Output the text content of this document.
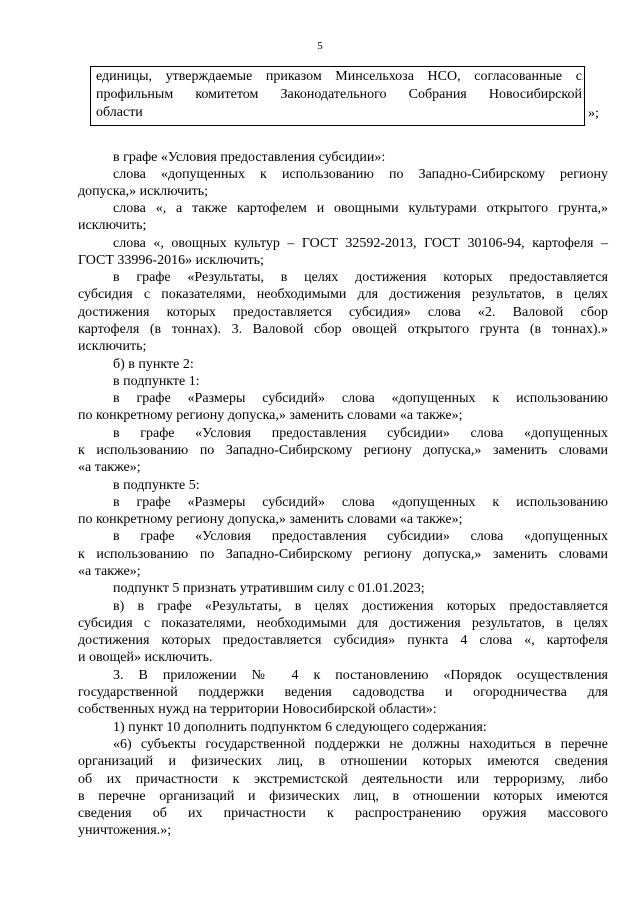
5
единицы, утверждаемые приказом Минсельхоза НСО, согласованные с
профильным комитетом Законодательного Собрания Новосибирской
области	»;
в графе «Условия предоставления субсидии»:
слова «допущенных к использованию по Западно-Сибирскому региону
допуска,» исключить;
слова «, а также картофелем и овощными культурами открытого грунта,»
исключить;
слова «, овощных культур – ГОСТ 32592-2013, ГОСТ 30106-94, картофеля –
ГОСТ 33996-2016» исключить;
в графе «Результаты, в целях достижения которых предоставляется
субсидия с показателями, необходимыми для достижения результатов, в целях
достижения которых предоставляется субсидия» слова «2. Валовой сбор
картофеля (в тоннах). 3. Валовой сбор овощей открытого грунта (в тоннах).»
исключить;
б) в пункте 2:
в подпункте 1:
в графе «Размеры субсидий» слова «допущенных к использованию
по конкретному региону допуска,» заменить словами «а также»;
в графе «Условия предоставления субсидии» слова «допущенных
к использованию по Западно-Сибирскому региону допуска,» заменить словами
«а также»;
в подпункте 5:
в графе «Размеры субсидий» слова «допущенных к использованию
по конкретному региону допуска,» заменить словами «а также»;
в графе «Условия предоставления субсидии» слова «допущенных
к использованию по Западно-Сибирскому региону допуска,» заменить словами
«а также»;
подпункт 5 признать утратившим силу с 01.01.2023;
в) в графе «Результаты, в целях достижения которых предоставляется
субсидия с показателями, необходимыми для достижения результатов, в целях
достижения которых предоставляется субсидия» пункта 4 слова «, картофеля
и овощей» исключить.
3. В приложении № 4 к постановлению «Порядок осуществления
государственной поддержки ведения садоводства и огородничества для
собственных нужд на территории Новосибирской области»:
1) пункт 10 дополнить подпунктом 6 следующего содержания:
«6) субъекты государственной поддержки не должны находиться в перечне
организаций и физических лиц, в отношении которых имеются сведения
об их причастности к экстремистской деятельности или терроризму, либо
в перечне организаций и физических лиц, в отношении которых имеются
сведения об их причастности к распространению оружия массового
уничтожения.»;
